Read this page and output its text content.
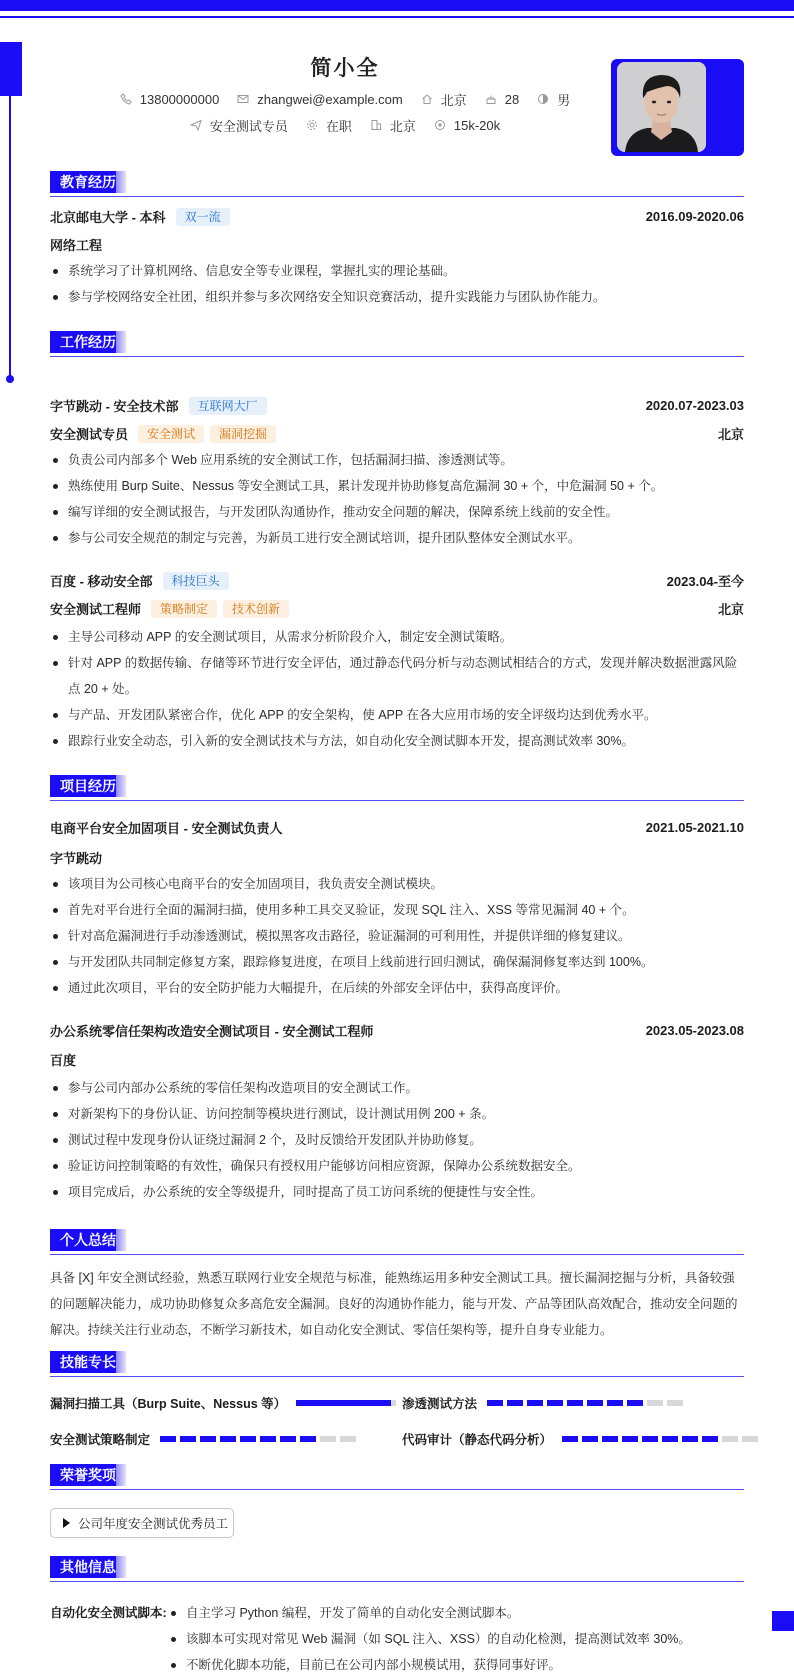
简小全
13800000000	zhangwei@example.com	北京	28	男
安全测试专员	在职	北京	15k-20k
教育经历
北京邮电大学 - 本科	双一流	2016.09-2020.06
网络工程
系统学习了计算机网络、信息安全等专业课程，掌握扎实的理论基础。
参与学校网络安全社团，组织并参与多次网络安全知识竞赛活动，提升实践能力与团队协作能力。
工作经历
字节跳动 - 安全技术部	互联网大厂	2020.07-2023.03
安全测试专员	安全测试	漏洞挖掘	北京
负责公司内部多个 Web 应用系统的安全测试工作，包括漏洞扫描、渗透测试等。
熟练使用 Burp Suite、Nessus 等安全测试工具，累计发现并协助修复高危漏洞 30 + 个，中危漏洞 50 + 个。
编写详细的安全测试报告，与开发团队沟通协作，推动安全问题的解决，保障系统上线前的安全性。
参与公司安全规范的制定与完善，为新员工进行安全测试培训，提升团队整体安全测试水平。
百度 - 移动安全部	科技巨头	2023.04-至今
安全测试工程师	策略制定	技术创新	北京
主导公司移动 APP 的安全测试项目，从需求分析阶段介入，制定安全测试策略。
针对 APP 的数据传输、存储等环节进行安全评估，通过静态代码分析与动态测试相结合的方式，发现并解决数据泄露风险点 20 + 处。
与产品、开发团队紧密合作，优化 APP 的安全架构，使 APP 在各大应用市场的安全评级均达到优秀水平。
跟踪行业安全动态，引入新的安全测试技术与方法，如自动化安全测试脚本开发，提高测试效率 30%。
项目经历
电商平台安全加固项目 - 安全测试负责人	2021.05-2021.10
字节跳动
该项目为公司核心电商平台的安全加固项目，我负责安全测试模块。
首先对平台进行全面的漏洞扫描，使用多种工具交叉验证，发现 SQL 注入、XSS 等常见漏洞 40 + 个。
针对高危漏洞进行手动渗透测试，模拟黑客攻击路径，验证漏洞的可利用性，并提供详细的修复建议。
与开发团队共同制定修复方案，跟踪修复进度，在项目上线前进行回归测试，确保漏洞修复率达到 100%。
通过此次项目，平台的安全防护能力大幅提升，在后续的外部安全评估中，获得高度评价。
办公系统零信任架构改造安全测试项目 - 安全测试工程师	2023.05-2023.08
百度
参与公司内部办公系统的零信任架构改造项目的安全测试工作。
对新架构下的身份认证、访问控制等模块进行测试，设计测试用例 200 + 条。
测试过程中发现身份认证绕过漏洞 2 个，及时反馈给开发团队并协助修复。
验证访问控制策略的有效性，确保只有授权用户能够访问相应资源，保障办公系统数据安全。
项目完成后，办公系统的安全等级提升，同时提高了员工访问系统的便捷性与安全性。
个人总结
具备 [X] 年安全测试经验，熟悉互联网行业安全规范与标准，能熟练运用多种安全测试工具。擅长漏洞挖掘与分析，具备较强的问题解决能力，成功协助修复众多高危安全漏洞。良好的沟通协作能力，能与开发、产品等团队高效配合，推动安全问题的解决。持续关注行业动态，不断学习新技术，如自动化安全测试、零信任架构等，提升自身专业能力。
技能专长
漏洞扫描工具（Burp Suite、Nessus 等）	渗透测试方法
安全测试策略制定	代码审计（静态代码分析）
荣誉奖项
公司年度安全测试优秀员工
其他信息
自动化安全测试脚本:	自主学习 Python 编程，开发了简单的自动化安全测试脚本。
该脚本可实现对常见 Web 漏洞（如 SQL 注入、XSS）的自动化检测，提高测试效率 30%。
不断优化脚本功能，目前已在公司内部小规模试用，获得同事好评。
